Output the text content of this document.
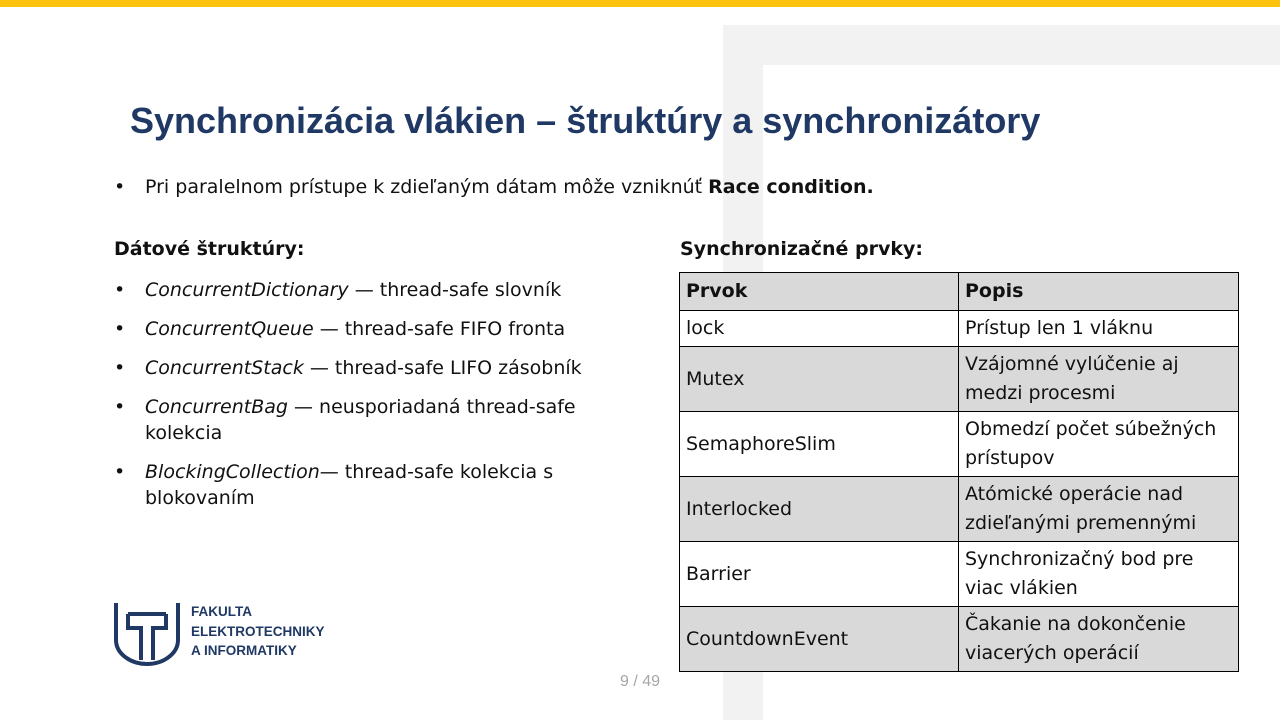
Synchronizácia vlákien – štruktúry a synchronizátory
• Pri paralelnom prístupe k zdieľaným dátam môže vzniknúť Race condition.
Dátové štruktúry:
• ConcurrentDictionary — thread-safe slovník
• ConcurrentQueue — thread-safe FIFO fronta
• ConcurrentStack — thread-safe LIFO zásobník
• ConcurrentBag — neusporiadaná thread-safe kolekcia
• BlockingCollection— thread-safe kolekcia s blokovaním
Synchronizačné prvky:
Prvok	Popis
lock	Prístup len 1 vláknu
Mutex	Vzájomné vylúčenie aj medzi procesmi
SemaphoreSlim	Obmedzí počet súbežných prístupov
Interlocked	Atómické operácie nad zdieľanými premennými
Barrier	Synchronizačný bod pre viac vlákien
CountdownEvent	Čakanie na dokončenie viacerých operácií
FAKULTA
ELEKTROTECHNIKY
A INFORMATIKY
9 / 49
